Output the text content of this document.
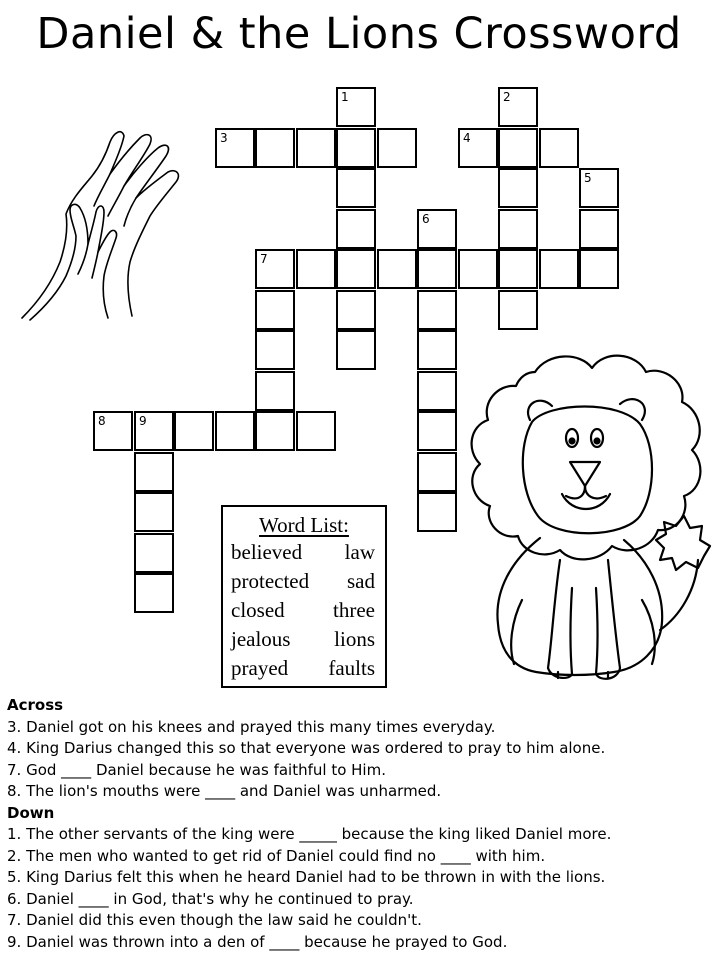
Daniel & the Lions Crossword
1	2
3	4
5
6
7
8	9
Word List:
believed law
protected sad
closed three
jealous lions
prayed faults
Across
3. Daniel got on his knees and prayed this many times everyday.
4. King Darius changed this so that everyone was ordered to pray to him alone.
7. God ____ Daniel because he was faithful to Him.
8. The lion's mouths were ____ and Daniel was unharmed.
Down
1. The other servants of the king were _____ because the king liked Daniel more.
2. The men who wanted to get rid of Daniel could find no ____ with him.
5. King Darius felt this when he heard Daniel had to be thrown in with the lions.
6. Daniel ____ in God, that's why he continued to pray.
7. Daniel did this even though the law said he couldn't.
9. Daniel was thrown into a den of ____ because he prayed to God.
